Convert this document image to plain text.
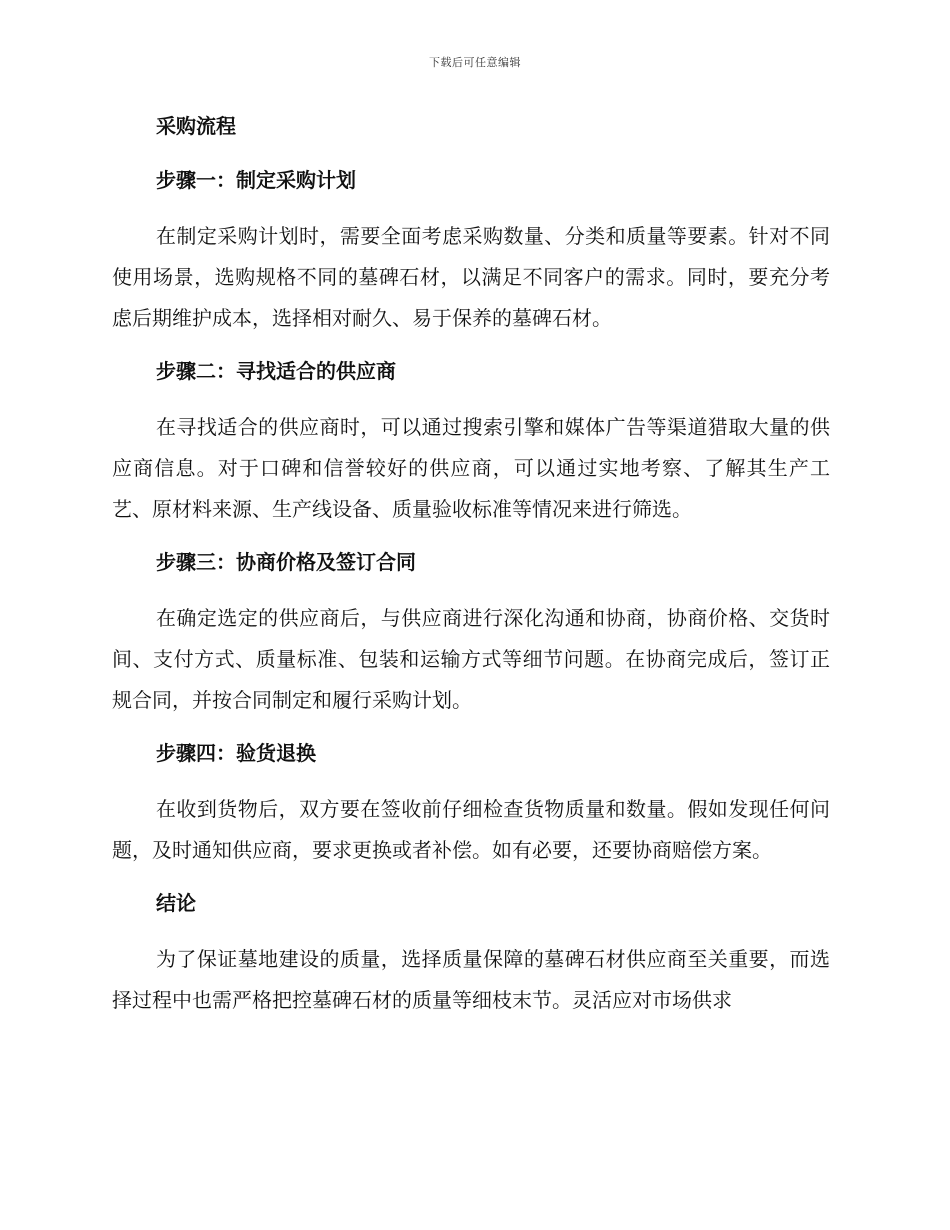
下载后可任意编辑
采购流程
步骤一：制定采购计划

在制定采购计划时，需要全面考虑采购数量、分类和质量等要素。针对不同使用场景，选购规格不同的墓碑石材，以满足不同客户的需求。同时，要充分考虑后期维护成本，选择相对耐久、易于保养的墓碑石材。

步骤二：寻找适合的供应商

在寻找适合的供应商时，可以通过搜索引擎和媒体广告等渠道猎取大量的供应商信息。对于口碑和信誉较好的供应商，可以通过实地考察、了解其生产工艺、原材料来源、生产线设备、质量验收标准等情况来进行筛选。

步骤三：协商价格及签订合同

在确定选定的供应商后，与供应商进行深化沟通和协商，协商价格、交货时间、支付方式、质量标准、包装和运输方式等细节问题。在协商完成后，签订正规合同，并按合同制定和履行采购计划。

步骤四：验货退换

在收到货物后，双方要在签收前仔细检查货物质量和数量。假如发现任何问题，及时通知供应商，要求更换或者补偿。如有必要，还要协商赔偿方案。

结论

为了保证墓地建设的质量，选择质量保障的墓碑石材供应商至关重要，而选择过程中也需严格把控墓碑石材的质量等细枝末节。灵活应对市场供求
